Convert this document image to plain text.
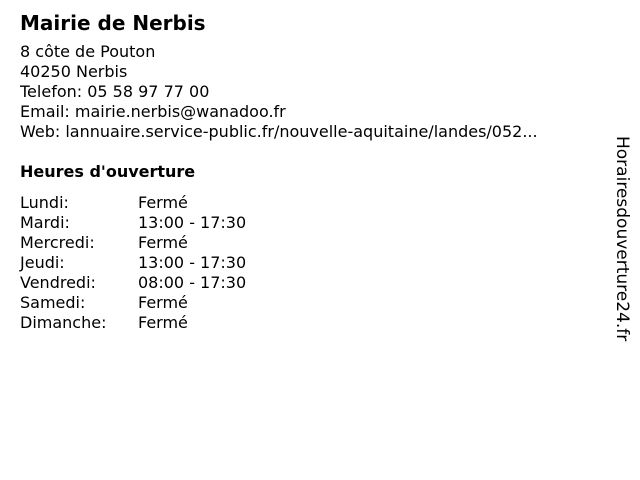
Mairie de Nerbis
8 côte de Pouton
40250 Nerbis
Telefon: 05 58 97 77 00
Email: mairie.nerbis@wanadoo.fr
Web: lannuaire.service-public.fr/nouvelle-aquitaine/landes/052...
Heures d'ouverture
Lundi:	Fermé
Mardi:	13:00 - 17:30
Mercredi:	Fermé
Jeudi:	13:00 - 17:30
Vendredi:	08:00 - 17:30
Samedi:	Fermé
Dimanche:	Fermé	Horairesdouverture24.fr
